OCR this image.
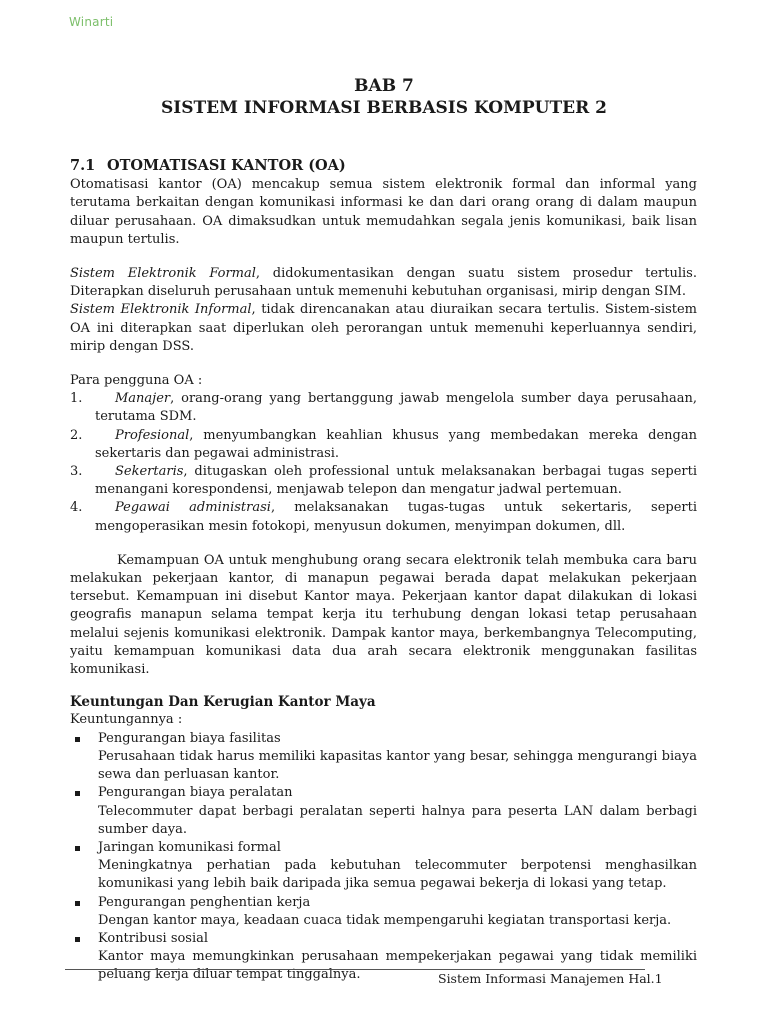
Winarti
BAB 7
SISTEM INFORMASI BERBASIS KOMPUTER 2
7.1 OTOMATISASI KANTOR (OA)

Otomatisasi kantor (OA) mencakup semua sistem elektronik formal dan informal yang terutama berkaitan dengan komunikasi informasi ke dan dari orang orang di dalam maupun diluar perusahaan. OA dimaksudkan untuk memudahkan segala jenis komunikasi, baik lisan maupun tertulis.

Sistem Elektronik Formal, didokumentasikan dengan suatu sistem prosedur tertulis. Diterapkan diseluruh perusahaan untuk memenuhi kebutuhan organisasi, mirip dengan SIM.

Sistem Elektronik Informal, tidak direncanakan atau diuraikan secara tertulis. Sistem-sistem OA ini diterapkan saat diperlukan oleh perorangan untuk memenuhi keperluannya sendiri, mirip dengan DSS.

Para pengguna OA :

1.	Manajer, orang-orang yang bertanggung jawab mengelola sumber daya perusahaan, terutama SDM.
2.	Profesional, menyumbangkan keahlian khusus yang membedakan mereka dengan sekertaris dan pegawai administrasi.
3.	Sekertaris, ditugaskan oleh professional untuk melaksanakan berbagai tugas seperti menangani korespondensi, menjawab telepon dan mengatur jadwal pertemuan.
4.	Pegawai administrasi, melaksanakan tugas-tugas untuk sekertaris, seperti mengoperasikan mesin fotokopi, menyusun dokumen, menyimpan dokumen, dll.

Kemampuan OA untuk menghubung orang secara elektronik telah membuka cara baru melakukan pekerjaan kantor, di manapun pegawai berada dapat melakukan pekerjaan tersebut. Kemampuan ini disebut Kantor maya. Pekerjaan kantor dapat dilakukan di lokasi geografis manapun selama tempat kerja itu terhubung dengan lokasi tetap perusahaan melalui sejenis komunikasi elektronik. Dampak kantor maya, berkembangnya Telecomputing, yaitu kemampuan komunikasi data dua arah secara elektronik menggunakan fasilitas komunikasi.

Keuntungan Dan Kerugian Kantor Maya

Keuntungannya :

Pengurangan biaya fasilitas
Perusahaan tidak harus memiliki kapasitas kantor yang besar, sehingga mengurangi biaya sewa dan perluasan kantor.
Pengurangan biaya peralatan
Telecommuter dapat berbagi peralatan seperti halnya para peserta LAN dalam berbagi sumber daya.
Jaringan komunikasi formal
Meningkatnya perhatian pada kebutuhan telecommuter berpotensi menghasilkan komunikasi yang lebih baik daripada jika semua pegawai bekerja di lokasi yang tetap.
Pengurangan penghentian kerja
Dengan kantor maya, keadaan cuaca tidak mempengaruhi kegiatan transportasi kerja.
Kontribusi sosial
Kantor maya memungkinkan perusahaan mempekerjakan pegawai yang tidak memiliki peluang kerja diluar tempat tinggalnya.	Sistem Informasi Manajemen Hal.1
